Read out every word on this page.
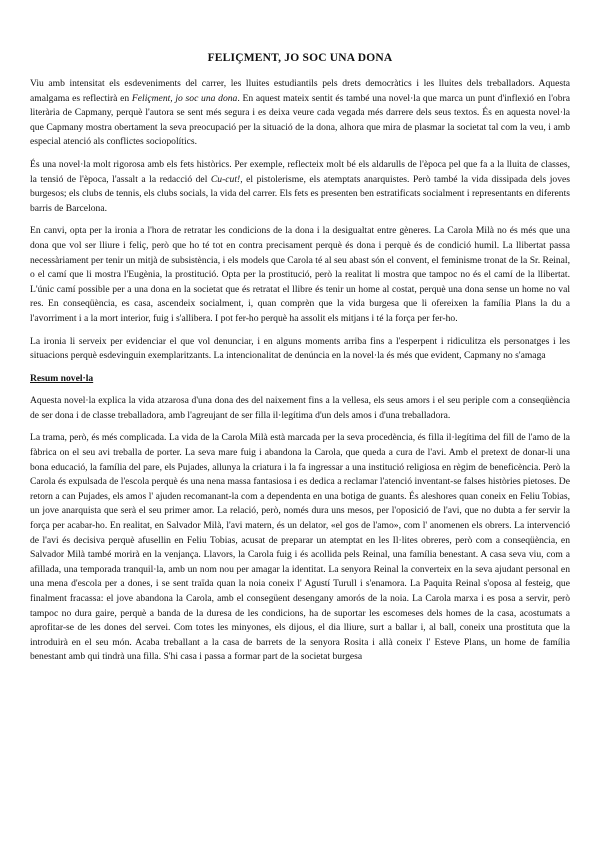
FELIÇMENT, JO SOC UNA DONA

Viu amb intensitat els esdeveniments del carrer, les lluites estudiantils pels drets democràtics i les lluites dels treballadors. Aquesta amalgama es reflectirà en Feliçment, jo soc una dona. En aquest mateix sentit és també una novel·la que marca un punt d'inflexió en l'obra literària de Capmany, perquè l'autora se sent més segura i es deixa veure cada vegada més darrere dels seus textos. És en aquesta novel·la que Capmany mostra obertament la seva preocupació per la situació de la dona, alhora que mira de plasmar la societat tal com la veu, i amb especial atenció als conflictes sociopolítics.

És una novel·la molt rigorosa amb els fets històrics. Per exemple, reflecteix molt bé els aldarulls de l'època pel que fa a la lluita de classes, la tensió de l'època, l'assalt a la redacció del Cu-cut!, el pistolerisme, els atemptats anarquistes. Però també la vida dissipada dels joves burgesos; els clubs de tennis, els clubs socials, la vida del carrer. Els fets es presenten ben estratificats socialment i representants en diferents barris de Barcelona.

En canvi, opta per la ironia a l'hora de retratar les condicions de la dona i la desigualtat entre gèneres. La Carola Milà no és més que una dona que vol ser lliure i feliç, però que ho té tot en contra precisament perquè és dona i perquè és de condició humil. La llibertat passa necessàriament per tenir un mitjà de subsistència, i els models que Carola té al seu abast són el convent, el feminisme tronat de la Sr. Reinal, o el camí que li mostra l'Eugènia, la prostitució. Opta per la prostitució, però la realitat li mostra que tampoc no és el camí de la llibertat. L'únic camí possible per a una dona en la societat que és retratat el llibre és tenir un home al costat, perquè una dona sense un home no val res. En conseqüència, es casa, ascendeix socialment, i, quan comprèn que la vida burgesa que li ofereixen la família Plans la du a l'avorriment i a la mort interior, fuig i s'allibera. I pot fer-ho perquè ha assolit els mitjans i té la força per fer-ho.

La ironia li serveix per evidenciar el que vol denunciar, i en alguns moments arriba fins a l'esperpent i ridiculitza els personatges i les situacions perquè esdevinguin exemplaritzants. La intencionalitat de denúncia en la novel·la és més que evident, Capmany no s'amaga

Resum novel·la

Aquesta novel·la explica la vida atzarosa d'una dona des del naixement fins a la vellesa, els seus amors i el seu periple com a conseqüència de ser dona i de classe treballadora, amb l'agreujant de ser filla il·legítima d'un dels amos i d'una treballadora.

La trama, però, és més complicada. La vida de la Carola Milà està marcada per la seva procedència, és filla il·legítima del fill de l'amo de la fàbrica on el seu avi treballa de porter. La seva mare fuig i abandona la Carola, que queda a cura de l'avi. Amb el pretext de donar-li una bona educació, la família del pare, els Pujades, allunya la criatura i la fa ingressar a una institució religiosa en règim de beneficència. Però la Carola és expulsada de l'escola perquè és una nena massa fantasiosa i es dedica a reclamar l'atenció inventant-se falses històries pietoses. De retorn a can Pujades, els amos l' ajuden recomanant-la com a dependenta en una botiga de guants. És aleshores quan coneix en Feliu Tobias, un jove anarquista que serà el seu primer amor. La relació, però, només dura uns mesos, per l'oposició de l'avi, que no dubta a fer servir la força per acabar-ho. En realitat, en Salvador Milà, l'avi matern, és un delator, «el gos de l'amo», com l' anomenen els obrers. La intervenció de l'avi és decisiva perquè afusellin en Feliu Tobias, acusat de preparar un atemptat en les Il·lites obreres, però com a conseqüència, en Salvador Milà també morirà en la venjança. Llavors, la Carola fuig i és acollida pels Reinal, una família benestant. A casa seva viu, com a afillada, una temporada tranquil·la, amb un nom nou per amagar la identitat. La senyora Reinal la converteix en la seva ajudant personal en una mena d'escola per a dones, i se sent traïda quan la noia coneix l' Agustí Turull i s'enamora. La Paquita Reinal s'oposa al festeig, que finalment fracassa: el jove abandona la Carola, amb el consegüent desengany amorós de la noia. La Carola marxa i es posa a servir, però tampoc no dura gaire, perquè a banda de la duresa de les condicions, ha de suportar les escomeses dels homes de la casa, acostumats a aprofitar-se de les dones del servei. Com totes les minyones, els dijous, el dia lliure, surt a ballar i, al ball, coneix una prostituta que la introduirà en el seu món. Acaba treballant a la casa de barrets de la senyora Rosita i allà coneix l' Esteve Plans, un home de família benestant amb qui tindrà una filla. S'hi casa i passa a formar part de la societat burgesa
